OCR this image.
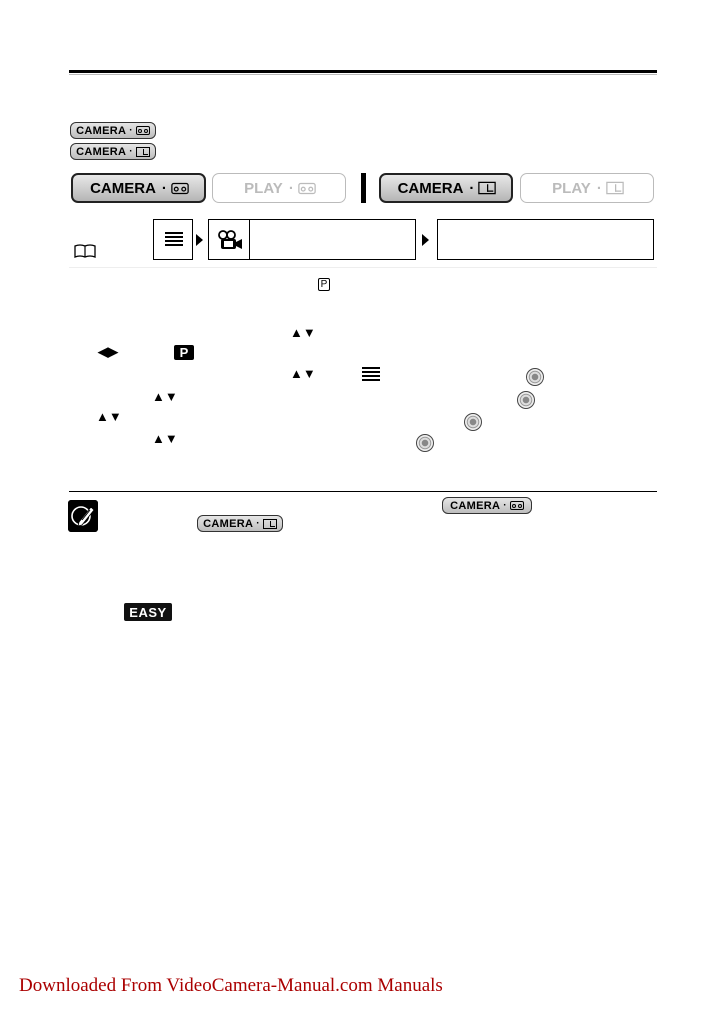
CAMERA ·
CAMERA ·
CAMERA ·	PLAY ·	CAMERA ·	PLAY ·
P
▲▼
◀▶	P
▲▼
▲▼
▲▼
▲▼
CAMERA ·
CAMERA ·
EASY
Downloaded From VideoCamera-Manual.com Manuals
